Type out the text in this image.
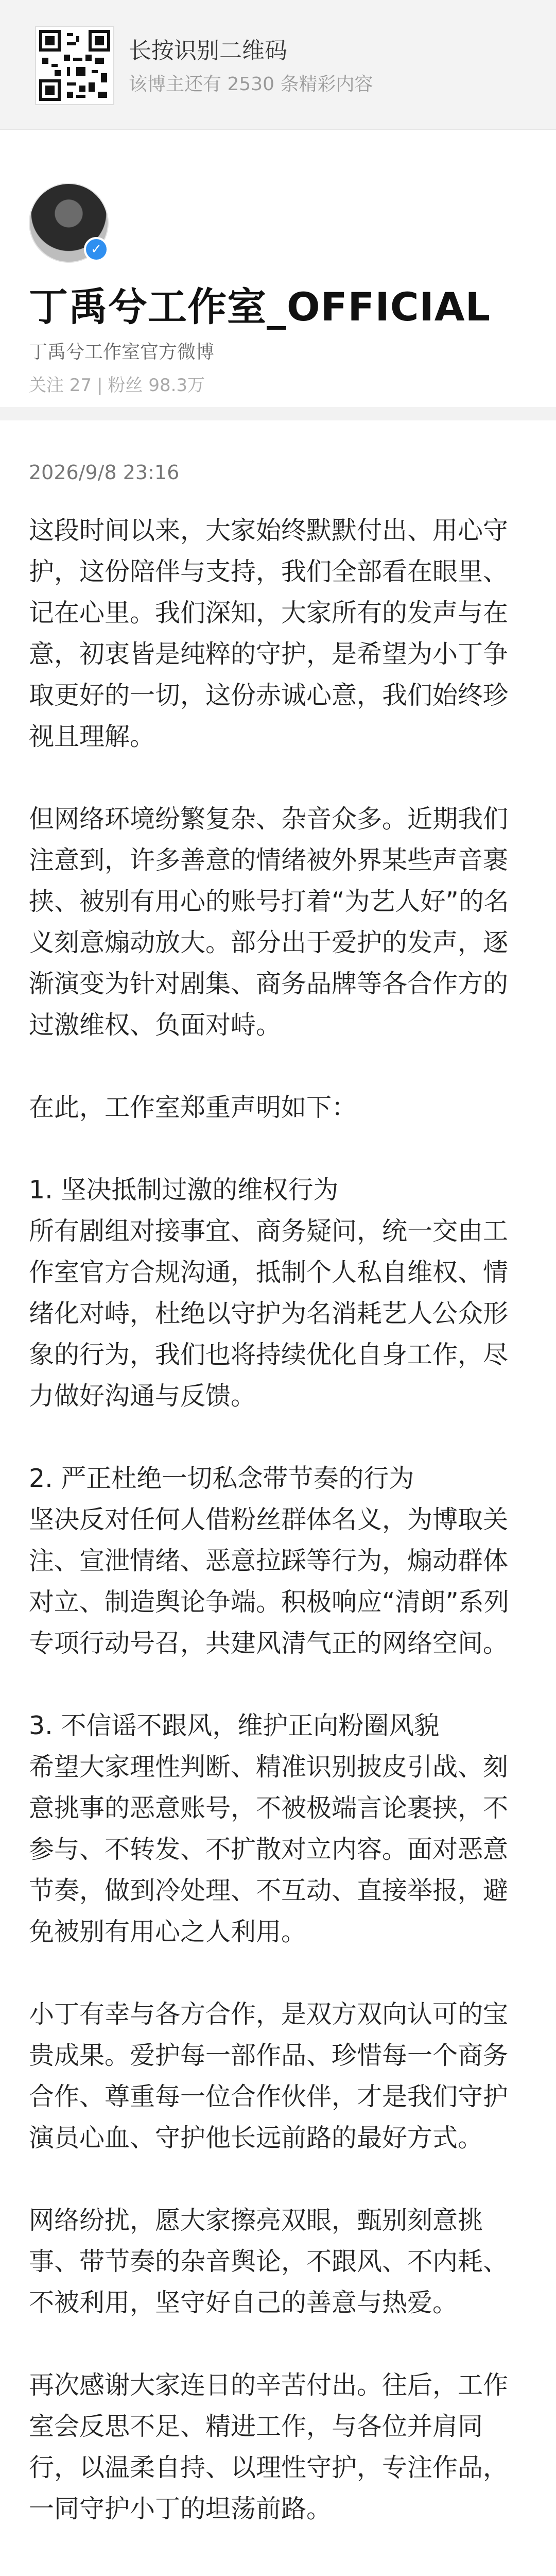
长按识别二维码
该博主还有 2530 条精彩内容
✓
丁禹兮工作室_OFFICIAL
丁禹兮工作室官方微博
关注 27 | 粉丝 98.3万
2026/9/8 23:16

这段时间以来，大家始终默默付出、用心守护，这份陪伴与支持，我们全部看在眼里、记在心里。我们深知，大家所有的发声与在意，初衷皆是纯粹的守护，是希望为小丁争取更好的一切，这份赤诚心意，我们始终珍视且理解。

但网络环境纷繁复杂、杂音众多。近期我们注意到，许多善意的情绪被外界某些声音裹挟、被别有用心的账号打着“为艺人好”的名义刻意煽动放大。部分出于爱护的发声，逐渐演变为针对剧集、商务品牌等各合作方的过激维权、负面对峙。

在此，工作室郑重声明如下：

1. 坚决抵制过激的维权行为

所有剧组对接事宜、商务疑问，统一交由工作室官方合规沟通，抵制个人私自维权、情绪化对峙，杜绝以守护为名消耗艺人公众形象的行为，我们也将持续优化自身工作，尽力做好沟通与反馈。

2. 严正杜绝一切私念带节奏的行为

坚决反对任何人借粉丝群体名义，为博取关注、宣泄情绪、恶意拉踩等行为，煽动群体对立、制造舆论争端。积极响应“清朗”系列专项行动号召，共建风清气正的网络空间。

3. 不信谣不跟风，维护正向粉圈风貌

希望大家理性判断、精准识别披皮引战、刻意挑事的恶意账号，不被极端言论裹挟，不参与、不转发、不扩散对立内容。面对恶意节奏，做到冷处理、不互动、直接举报，避免被别有用心之人利用。

小丁有幸与各方合作，是双方双向认可的宝贵成果。爱护每一部作品、珍惜每一个商务合作、尊重每一位合作伙伴，才是我们守护演员心血、守护他长远前路的最好方式。

网络纷扰，愿大家擦亮双眼，甄别刻意挑事、带节奏的杂音舆论，不跟风、不内耗、不被利用，坚守好自己的善意与热爱。

再次感谢大家连日的辛苦付出。往后，工作室会反思不足、精进工作，与各位并肩同行，以温柔自持、以理性守护，专注作品，一同守护小丁的坦荡前路。
